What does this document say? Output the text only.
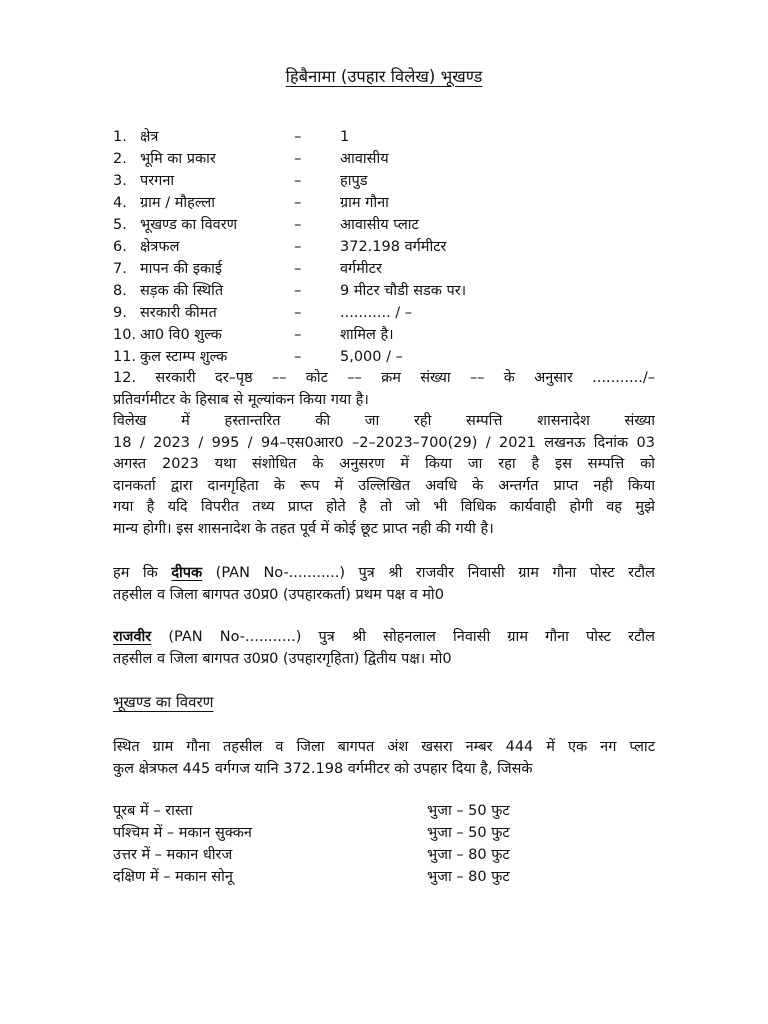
हिबैनामा (उपहार विलेख) भूखण्ड
1. क्षेत्र	–	1
2. भूमि का प्रकार	–	आवासीय
3. परगना	–	हापुड
4. ग्राम / मौहल्ला	–	ग्राम गौना
5. भूखण्ड का विवरण	–	आवासीय प्लाट
6. क्षेत्रफल	–	372.198 वर्गमीटर
7. मापन की इकाई	–	वर्गमीटर
8. सड़क की स्थिति	–	9 मीटर चौडी सडक पर।
9. सरकारी कीमत	–	........... / –
10. आ0 वि0 शुल्क	–	शामिल है।
11. कुल स्टाम्प शुल्क	–	5,000 / –
12. सरकारी दर–पृष्ठ –– कोट –– क्रम संख्या –– के अनुसार .........../–
प्रतिवर्गमीटर के हिसाब से मूल्यांकन किया गया है।
विलेख में हस्तान्तरित की जा रही सम्पत्ति शासनादेश संख्या
18 / 2023 / 995 / 94–एस0आर0 –2–2023–700(29) / 2021 लखनऊ दिनांक 03
अगस्त 2023 यथा संशोधित के अनुसरण में किया जा रहा है इस सम्पत्ति को
दानकर्ता द्वारा दानगृहिता के रूप में उल्लिखित अवधि के अन्तर्गत प्राप्त नही किया
गया है यदि विपरीत तथ्य प्राप्त होते है तो जो भी विधिक कार्यवाही होगी वह मुझे
मान्य होगी। इस शासनादेश के तहत पूर्व में कोई छूट प्राप्त नही की गयी है।
हम कि दीपक (PAN No-...........) पुत्र श्री राजवीर निवासी ग्राम गौना पोस्ट रटौल
तहसील व जिला बागपत उ0प्र0 (उपहारकर्ता) प्रथम पक्ष व मो0
राजवीर (PAN No-...........) पुत्र श्री सोहनलाल निवासी ग्राम गौना पोस्ट रटौल
तहसील व जिला बागपत उ0प्र0 (उपहारगृहिता) द्वितीय पक्ष। मो0
भूखण्ड का विवरण
स्थित ग्राम गौना तहसील व जिला बागपत अंश खसरा नम्बर 444 में एक नग प्लाट
कुल क्षेत्रफल 445 वर्गगज यानि 372.198 वर्गमीटर को उपहार दिया है, जिसके
पूरब में – रास्ता	भुजा – 50 फुट
पश्चिम में – मकान सुक्कन	भुजा – 50 फुट
उत्तर में – मकान धीरज	भुजा – 80 फुट
दक्षिण में – मकान सोनू	भुजा – 80 फुट
